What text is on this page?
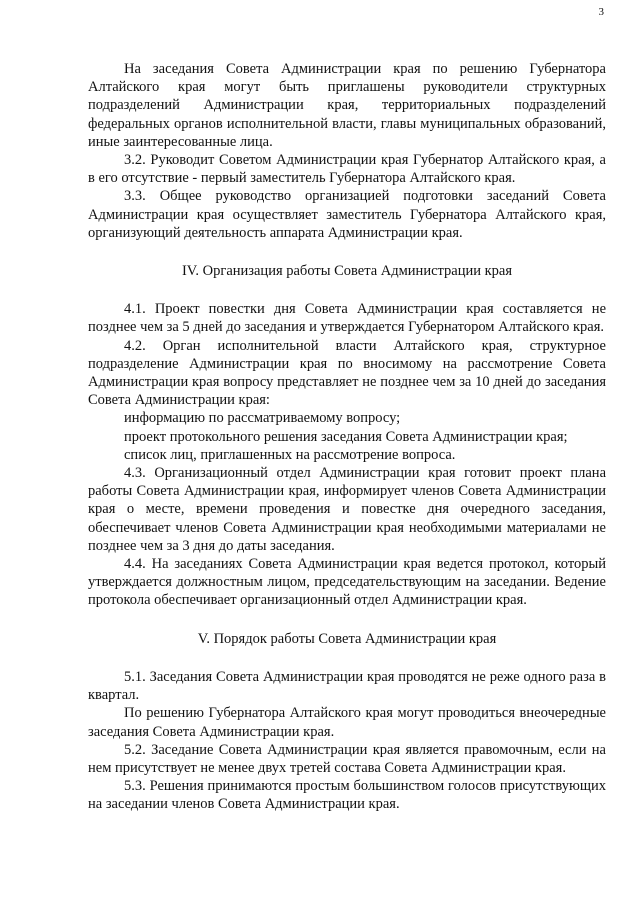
3

На заседания Совета Администрации края по решению Губернатора Алтайского края могут быть приглашены руководители структурных подразделений Администрации края, территориальных подразделений федеральных органов исполнительной власти, главы муниципальных образований, иные заинтересованные лица.

3.2. Руководит Советом Администрации края Губернатор Алтайского края, а в его отсутствие - первый заместитель Губернатора Алтайского края.

3.3. Общее руководство организацией подготовки заседаний Совета Администрации края осуществляет заместитель Губернатора Алтайского края, организующий деятельность аппарата Администрации края.

IV. Организация работы Совета Администрации края

4.1. Проект повестки дня Совета Администрации края составляется не позднее чем за 5 дней до заседания и утверждается Губернатором Алтайского края.

4.2. Орган исполнительной власти Алтайского края, структурное подразделение Администрации края по вносимому на рассмотрение Совета Администрации края вопросу представляет не позднее чем за 10 дней до заседания Совета Администрации края:

информацию по рассматриваемому вопросу;

проект протокольного решения заседания Совета Администрации края;

список лиц, приглашенных на рассмотрение вопроса.

4.3. Организационный отдел Администрации края готовит проект плана работы Совета Администрации края, информирует членов Совета Администрации края о месте, времени проведения и повестке дня очередного заседания, обеспечивает членов Совета Администрации края необходимыми материалами не позднее чем за 3 дня до даты заседания.

4.4. На заседаниях Совета Администрации края ведется протокол, который утверждается должностным лицом, председательствующим на заседании. Ведение протокола обеспечивает организационный отдел Администрации края.

V. Порядок работы Совета Администрации края

5.1. Заседания Совета Администрации края проводятся не реже одного раза в квартал.

По решению Губернатора Алтайского края могут проводиться внеочередные заседания Совета Администрации края.

5.2. Заседание Совета Администрации края является правомочным, если на нем присутствует не менее двух третей состава Совета Администрации края.

5.3. Решения принимаются простым большинством голосов присутствующих на заседании членов Совета Администрации края.
